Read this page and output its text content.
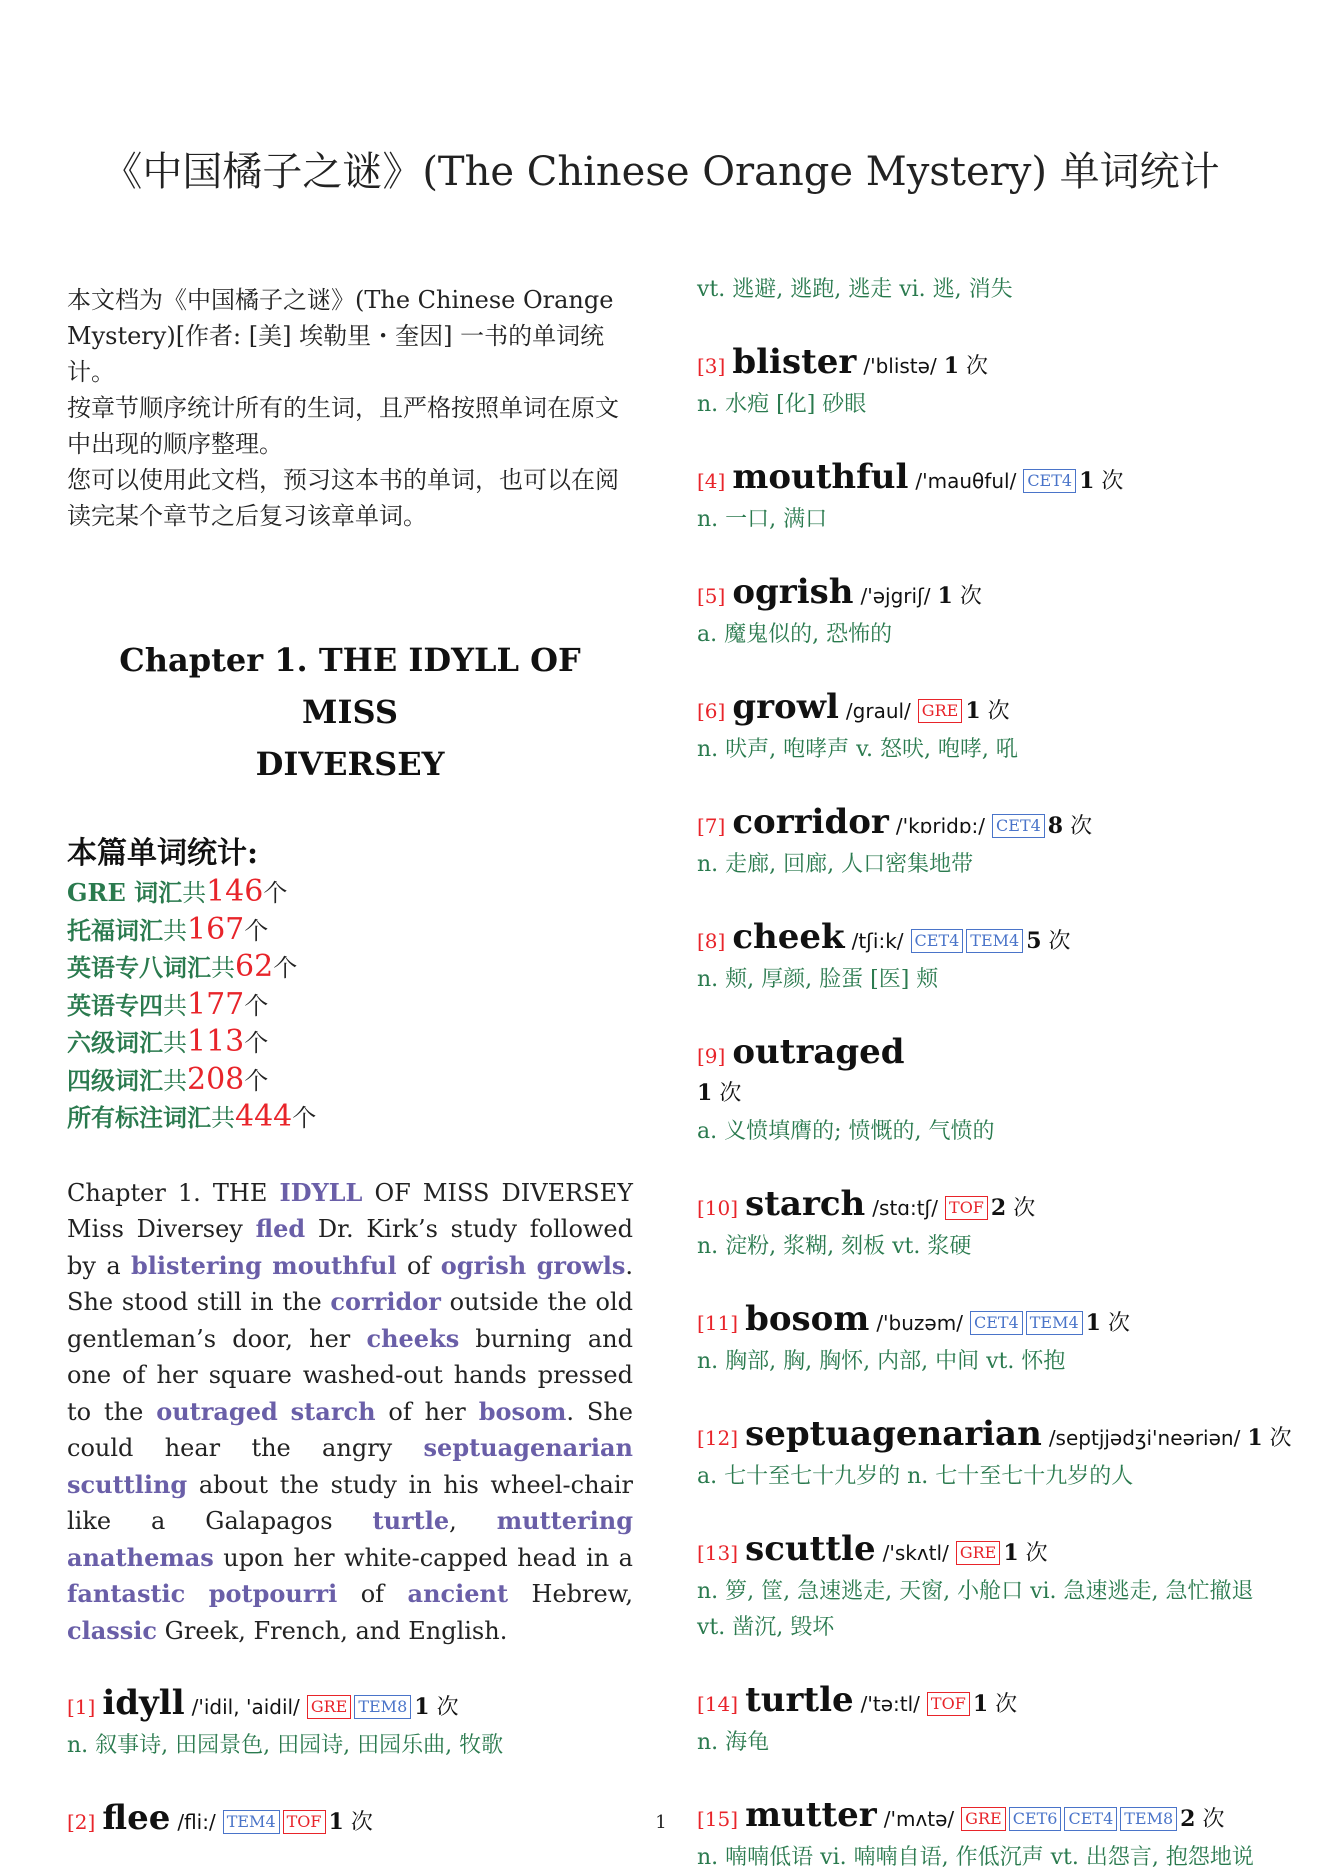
《中国橘子之谜》(The Chinese Orange Mystery) 单词统计

本文档为《中国橘子之谜》(The Chinese Orange Mystery)[作者: [美] 埃勒里・奎因] 一书的单词统计。

按章节顺序统计所有的生词，且严格按照单词在原文中出现的顺序整理。

您可以使用此文档，预习这本书的单词，也可以在阅读完某个章节之后复习该章单词。

Chapter 1. THE IDYLL OF MISS
DIVERSEY
本篇单词统计:
GRE 词汇共146个
托福词汇共167个
英语专八词汇共62个
英语专四共177个
六级词汇共113个
四级词汇共208个
所有标注词汇共444个
Chapter 1. THE IDYLL OF MISS DIVERSEY Miss Diversey fled Dr. Kirk’s study followed by a blistering mouthful of ogrish growls. She stood still in the corridor outside the old gentleman’s door, her cheeks burning and one of her square washed-out hands pressed to the outraged starch of her bosom. She could hear the angry septuagenarian scuttling about the study in his wheel-chair like a Galapagos turtle, muttering anathemas upon her white-capped head in a fantastic potpourri of ancient Hebrew, classic Greek, French, and English.
[1] idyll /'idil, 'aidil/ GRE TEM8 1 次
n. 叙事诗, 田园景色, 田园诗, 田园乐曲, 牧歌
[2] flee /fli:/ TEM4 TOF 1 次
vt. 逃避, 逃跑, 逃走 vi. 逃, 消失
[3] blister /'blistə/ 1 次
n. 水疱 [化] 砂眼
[4] mouthful /'mauθful/ CET4 1 次
n. 一口, 满口
[5] ogrish /'əjgriʃ/ 1 次
a. 魔鬼似的, 恐怖的
[6] growl /graul/ GRE 1 次
n. 吠声, 咆哮声 v. 怒吠, 咆哮, 吼
[7] corridor /'kɒridɒ:/ CET4 8 次
n. 走廊, 回廊, 人口密集地带
[8] cheek /tʃi:k/ CET4 TEM4 5 次
n. 颊, 厚颜, 脸蛋 [医] 颊
[9] outraged
1 次
a. 义愤填膺的; 愤慨的, 气愤的
[10] starch /stɑ:tʃ/ TOF 2 次
n. 淀粉, 浆糊, 刻板 vt. 浆硬
[11] bosom /'buzəm/ CET4 TEM4 1 次
n. 胸部, 胸, 胸怀, 内部, 中间 vt. 怀抱
[12] septuagenarian /septjjədʒi'neəriən/ 1 次
a. 七十至七十九岁的 n. 七十至七十九岁的人
[13] scuttle /'skʌtl/ GRE 1 次
n. 箩, 筐, 急速逃走, 天窗, 小舱口 vi. 急速逃走, 急忙撤退 vt. 凿沉, 毁坏
[14] turtle /'tə:tl/ TOF 1 次
n. 海龟
[15] mutter /'mʌtə/ GRE CET6 CET4 TEM8 2 次
n. 喃喃低语 vi. 喃喃自语, 作低沉声 vt. 出怨言, 抱怨地说
1
